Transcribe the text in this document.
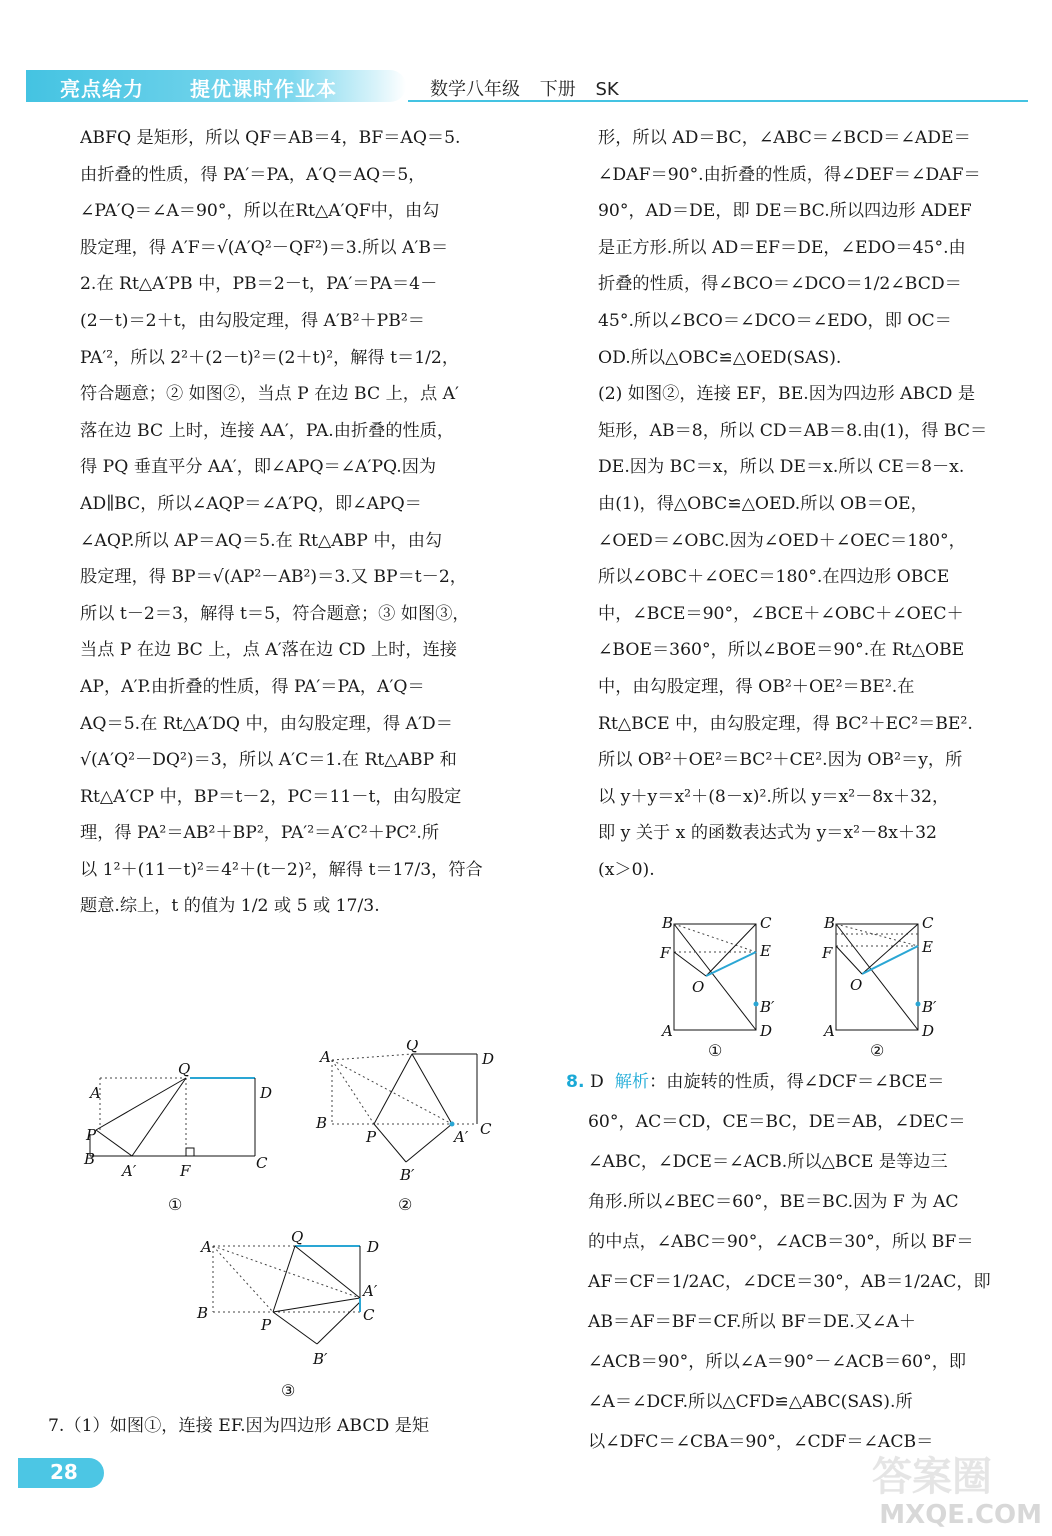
亮点给力 提优课时作业本	数学八年级 下册 SK
ABFQ 是矩形，所以 QF＝AB＝4，BF＝AQ＝5.
由折叠的性质，得 PA′＝PA，A′Q＝AQ＝5，
∠PA′Q＝∠A＝90°，所以在Rt△A′QF中，由勾
股定理，得 A′F＝√(A′Q²－QF²)＝3.所以 A′B＝
2.在 Rt△A′PB 中，PB＝2－t，PA′＝PA＝4－
(2－t)＝2＋t，由勾股定理，得 A′B²＋PB²＝
PA′²，所以 2²＋(2－t)²＝(2＋t)²，解得 t＝1/2，
符合题意；② 如图②，当点 P 在边 BC 上，点 A′
落在边 BC 上时，连接 AA′，PA.由折叠的性质，
得 PQ 垂直平分 AA′，即∠APQ＝∠A′PQ.因为
AD∥BC，所以∠AQP＝∠A′PQ，即∠APQ＝
∠AQP.所以 AP＝AQ＝5.在 Rt△ABP 中，由勾
股定理，得 BP＝√(AP²－AB²)＝3.又 BP＝t－2，
所以 t－2＝3，解得 t＝5，符合题意；③ 如图③，
当点 P 在边 BC 上，点 A′落在边 CD 上时，连接
AP，A′P.由折叠的性质，得 PA′＝PA，A′Q＝
AQ＝5.在 Rt△A′DQ 中，由勾股定理，得 A′D＝
√(A′Q²－DQ²)＝3，所以 A′C＝1.在 Rt△ABP 和
Rt△A′CP 中，BP＝t－2，PC＝11－t，由勾股定
理，得 PA²＝AB²＋BP²，PA′²＝A′C²＋PC².所
以 1²＋(11－t)²＝4²＋(t－2)²，解得 t＝17/3，符合
题意.综上，t 的值为 1/2 或 5 或 17/3.
A
Q
D
P
B
A′	F	C
①
A
Q
D
B
P	A′ C
B′
②
A
Q
D
A′
C
B
P
B′
③
7.（1）如图①，连接 EF.因为四边形 ABCD 是矩
形，所以 AD＝BC，∠ABC＝∠BCD＝∠ADE＝
∠DAF＝90°.由折叠的性质，得∠DEF＝∠DAF＝
90°，AD＝DE，即 DE＝BC.所以四边形 ADEF
是正方形.所以 AD＝EF＝DE，∠EDO＝45°.由
折叠的性质，得∠BCO＝∠DCO＝1/2∠BCD＝
45°.所以∠BCO＝∠DCO＝∠EDO，即 OC＝
OD.所以△OBC≌△OED(SAS).
(2) 如图②，连接 EF，BE.因为四边形 ABCD 是
矩形，AB＝8，所以 CD＝AB＝8.由(1)，得 BC＝
DE.因为 BC＝x，所以 DE＝x.所以 CE＝8－x.
由(1)，得△OBC≌△OED.所以 OB＝OE，
∠OED＝∠OBC.因为∠OED＋∠OEC＝180°，
所以∠OBC＋∠OEC＝180°.在四边形 OBCE
中，∠BCE＝90°，∠BCE＋∠OBC＋∠OEC＋
∠BOE＝360°，所以∠BOE＝90°.在 Rt△OBE
中，由勾股定理，得 OB²＋OE²＝BE².在
Rt△BCE 中，由勾股定理，得 BC²＋EC²＝BE².
所以 OB²＋OE²＝BC²＋CE².因为 OB²＝y，所
以 y＋y＝x²＋(8－x)².所以 y＝x²－8x＋32，
即 y 关于 x 的函数表达式为 y＝x²－8x＋32
(x＞0).
B	C
F	E
O
B′
A	D
①
B	C
F	E
O
B′
A	D
②
8. D 解析：由旋转的性质，得∠DCF＝∠BCE＝
60°，AC＝CD，CE＝BC，DE＝AB，∠DEC＝
∠ABC，∠DCE＝∠ACB.所以△BCE 是等边三
角形.所以∠BEC＝60°，BE＝BC.因为 F 为 AC
的中点，∠ABC＝90°，∠ACB＝30°，所以 BF＝
AF＝CF＝1/2AC，∠DCE＝30°，AB＝1/2AC，即
AB＝AF＝BF＝CF.所以 BF＝DE.又∠A＋
∠ACB＝90°，所以∠A＝90°－∠ACB＝60°，即
∠A＝∠DCF.所以△CFD≌△ABC(SAS).所
以∠DFC＝∠CBA＝90°，∠CDF＝∠ACB＝
28	答案圈
MXQE.COM
